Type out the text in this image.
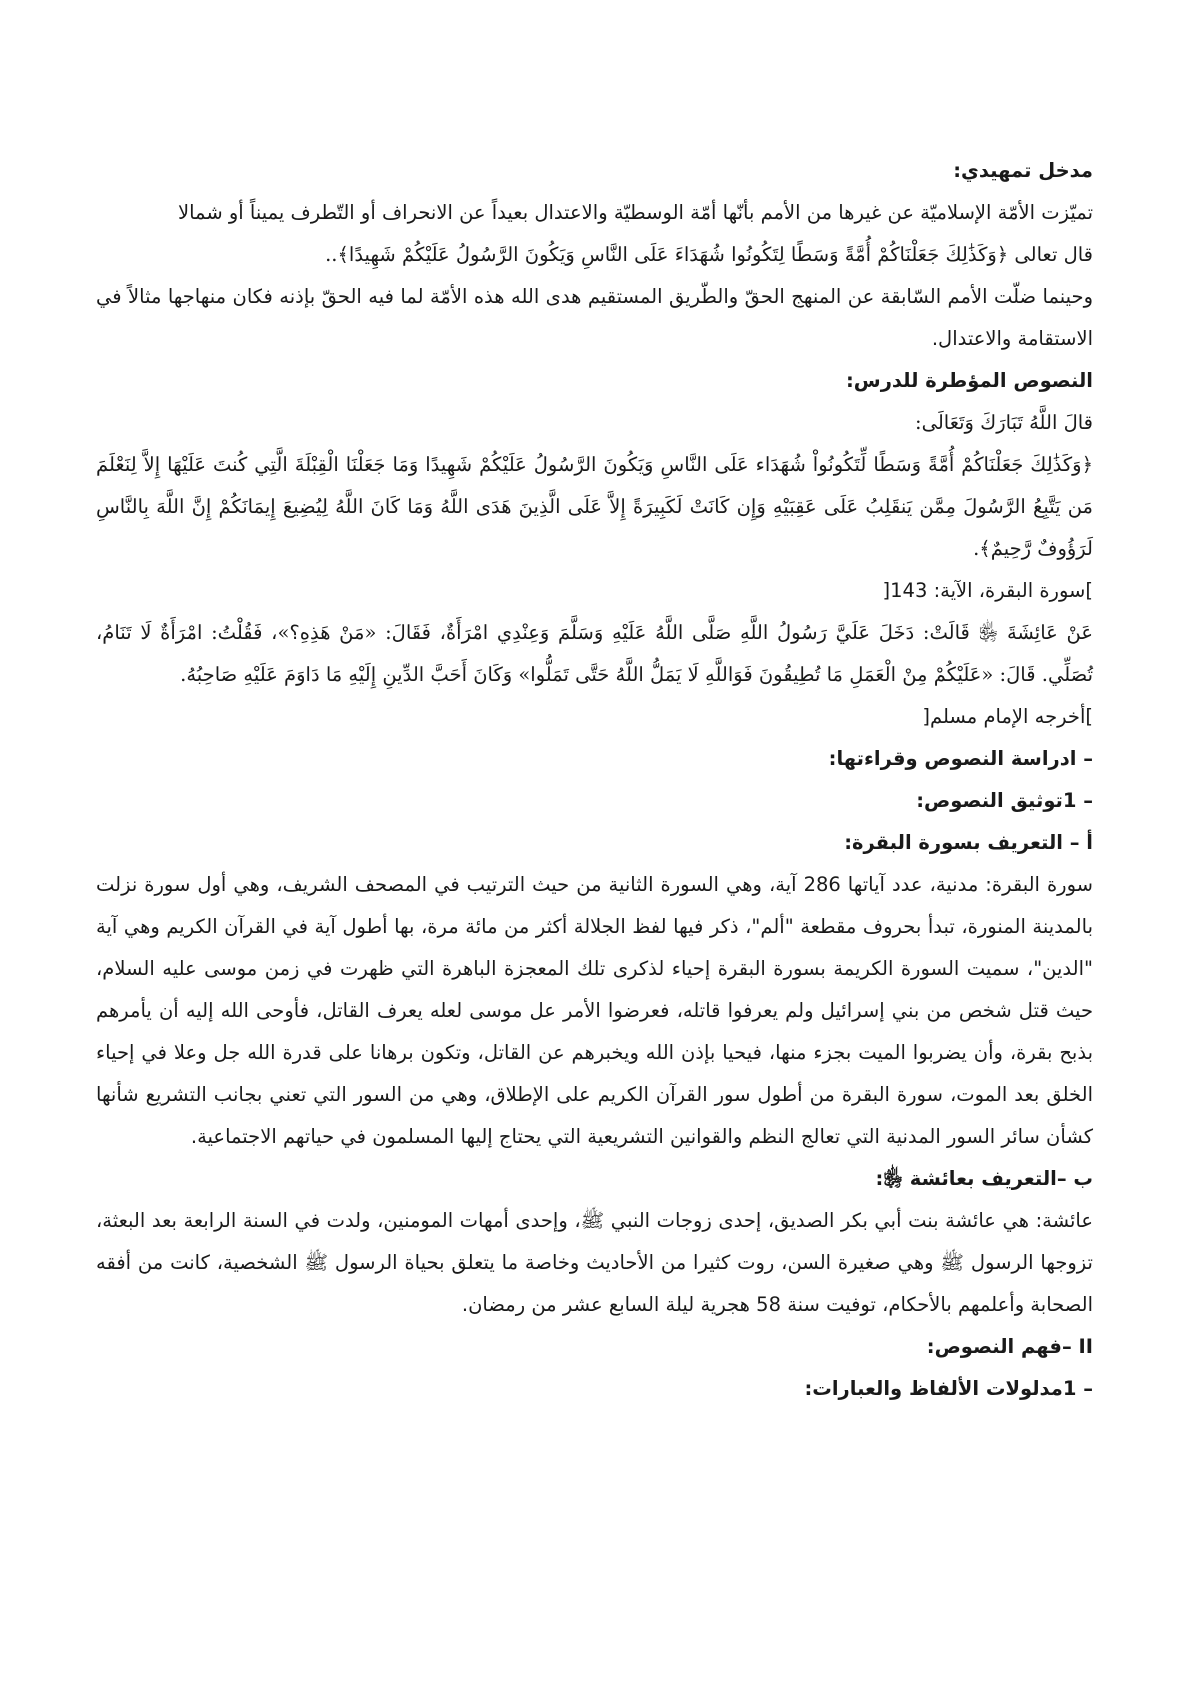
مدخل تمهيدي:
تميّزت الأمّة الإسلاميّة عن غيرها من الأمم بأنّها أمّة الوسطيّة والاعتدال بعيداً عن الانحراف أو التّطرف يميناً أو شمالا
قال تعالى ﴿وَكَذَٰلِكَ جَعَلْنَاكُمْ أُمَّةً وَسَطًا لِتَكُونُوا شُهَدَاءَ عَلَى النَّاسِ وَيَكُونَ الرَّسُولُ عَلَيْكُمْ شَهِيدًا﴾..
وحينما ضلّت الأمم السّابقة عن المنهج الحقّ والطّريق المستقيم هدى الله هذه الأمّة لما فيه الحقّ بإذنه فكان منهاجها مثالاً في الاستقامة والاعتدال.
النصوص المؤطرة للدرس:
قالَ اللَّهُ تَبَارَكَ وَتَعَالَى:
﴿وَكَذَٰلِكَ جَعَلْنَاكُمْ أُمَّةً وَسَطًا لِّتَكُونُواْ شُهَدَاء عَلَى النَّاسِ وَيَكُونَ الرَّسُولُ عَلَيْكُمْ شَهِيدًا وَمَا جَعَلْنَا الْقِبْلَةَ الَّتِي كُنتَ عَلَيْهَا إِلاَّ لِنَعْلَمَ مَن يَتَّبِعُ الرَّسُولَ مِمَّن يَنقَلِبُ عَلَى عَقِبَيْهِ وَإِن كَانَتْ لَكَبِيرَةً إِلاَّ عَلَى الَّذِينَ هَدَى اللَّهُ وَمَا كَانَ اللَّهُ لِيُضِيعَ إِيمَانَكُمْ إِنَّ اللَّهَ بِالنَّاسِ لَرَؤُوفٌ رَّحِيمٌ﴾.
]سورة البقرة، الآية: 143[
عَنْ عَائِشَةَ ﵂ قَالَتْ: دَخَلَ عَلَيَّ رَسُولُ اللَّهِ صَلَّى اللَّهُ عَلَيْهِ وَسَلَّمَ وَعِنْدِي امْرَأَةٌ، فَقَالَ: «مَنْ هَذِهِ؟»، فَقُلْتُ: امْرَأَةٌ لَا تَنَامُ، تُصَلِّي. قَالَ: «عَلَيْكُمْ مِنْ الْعَمَلِ مَا تُطِيقُونَ فَوَاللَّهِ لَا يَمَلُّ اللَّهُ حَتَّى تَمَلُّوا» وَكَانَ أَحَبَّ الدِّينِ إِلَيْهِ مَا دَاوَمَ عَلَيْهِ صَاحِبُهُ.
]أخرجه الإمام مسلم[
– ادراسة النصوص وقراءتها:
– 1توثيق النصوص:
أ – التعريف بسورة البقرة:
سورة البقرة: مدنية، عدد آياتها 286 آية، وهي السورة الثانية من حيث الترتيب في المصحف الشريف، وهي أول سورة نزلت بالمدينة المنورة، تبدأ بحروف مقطعة "ألم"، ذكر فيها لفظ الجلالة أكثر من مائة مرة، بها أطول آية في القرآن الكريم وهي آية "الدين"، سميت السورة الكريمة بسورة البقرة إحياء لذكرى تلك المعجزة الباهرة التي ظهرت في زمن موسى عليه السلام، حيث قتل شخص من بني إسرائيل ولم يعرفوا قاتله، فعرضوا الأمر عل موسى لعله يعرف القاتل، فأوحى الله إليه أن يأمرهم بذبح بقرة، وأن يضربوا الميت بجزء منها، فيحيا بإذن الله ويخبرهم عن القاتل، وتكون برهانا على قدرة الله جل وعلا في إحياء الخلق بعد الموت، سورة البقرة من أطول سور القرآن الكريم على الإطلاق، وهي من السور التي تعني بجانب التشريع شأنها كشأن سائر السور المدنية التي تعالج النظم والقوانين التشريعية التي يحتاج إليها المسلمون في حياتهم الاجتماعية.
ب –التعريف بعائشة ﵂:
عائشة: هي عائشة بنت أبي بكر الصديق، إحدى زوجات النبي ﷺ، وإحدى أمهات المومنين، ولدت في السنة الرابعة بعد البعثة، تزوجها الرسول ﷺ وهي صغيرة السن، روت كثيرا من الأحاديث وخاصة ما يتعلق بحياة الرسول ﷺ الشخصية، كانت من أفقه الصحابة وأعلمهم بالأحكام، توفيت سنة 58 هجرية ليلة السابع عشر من رمضان.
II –فهم النصوص:
– 1مدلولات الألفاظ والعبارات:
